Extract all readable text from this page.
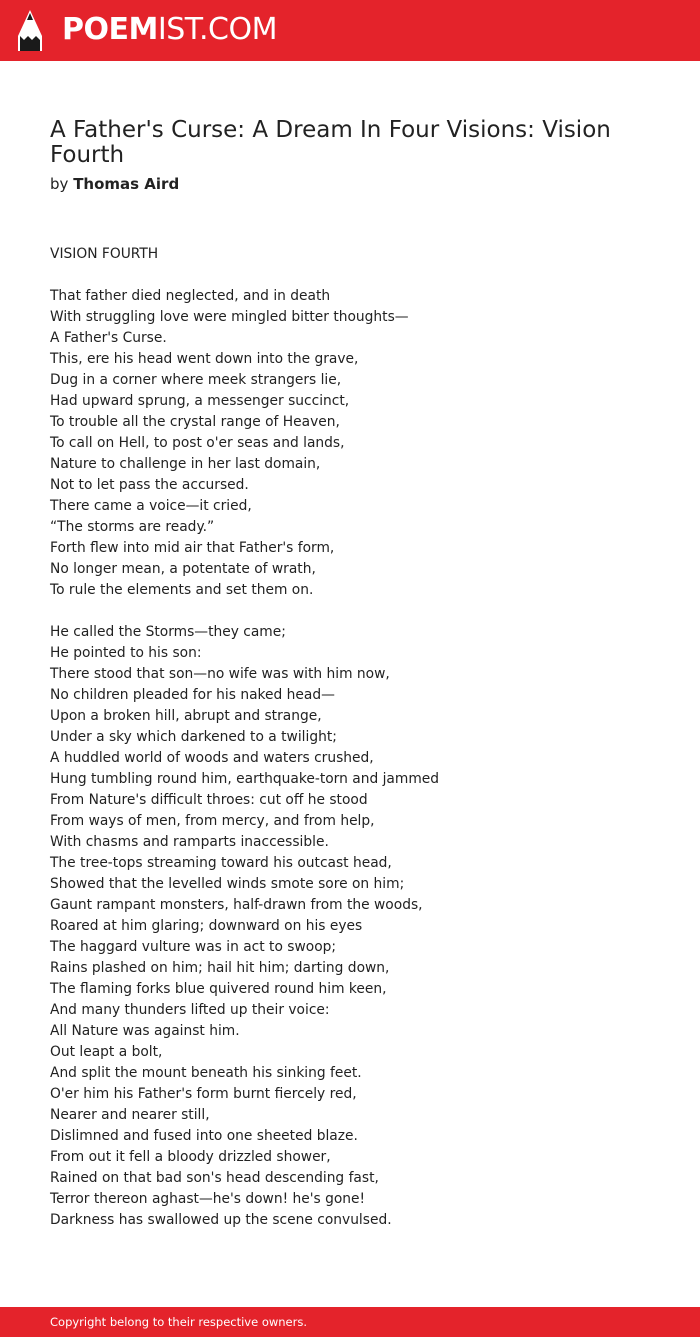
POEMIST.COM
A Father's Curse: A Dream In Four Visions: Vision Fourth
by Thomas Aird
VISION FOURTH
That father died neglected, and in death
With struggling love were mingled bitter thoughts—
A Father's Curse.
This, ere his head went down into the grave,
Dug in a corner where meek strangers lie,
Had upward sprung, a messenger succinct,
To trouble all the crystal range of Heaven,
To call on Hell, to post o'er seas and lands,
Nature to challenge in her last domain,
Not to let pass the accursed.
There came a voice—it cried,
“The storms are ready.”
Forth flew into mid air that Father's form,
No longer mean, a potentate of wrath,
To rule the elements and set them on.
He called the Storms—they came;
He pointed to his son:
There stood that son—no wife was with him now,
No children pleaded for his naked head—
Upon a broken hill, abrupt and strange,
Under a sky which darkened to a twilight;
A huddled world of woods and waters crushed,
Hung tumbling round him, earthquake-torn and jammed
From Nature's difficult throes: cut off he stood
From ways of men, from mercy, and from help,
With chasms and ramparts inaccessible.
The tree-tops streaming toward his outcast head,
Showed that the levelled winds smote sore on him;
Gaunt rampant monsters, half-drawn from the woods,
Roared at him glaring; downward on his eyes
The haggard vulture was in act to swoop;
Rains plashed on him; hail hit him; darting down,
The flaming forks blue quivered round him keen,
And many thunders lifted up their voice:
All Nature was against him.
Out leapt a bolt,
And split the mount beneath his sinking feet.
O'er him his Father's form burnt fiercely red,
Nearer and nearer still,
Dislimned and fused into one sheeted blaze.
From out it fell a bloody drizzled shower,
Rained on that bad son's head descending fast,
Terror thereon aghast—he's down! he's gone!
Darkness has swallowed up the scene convulsed.
Copyright belong to their respective owners.
